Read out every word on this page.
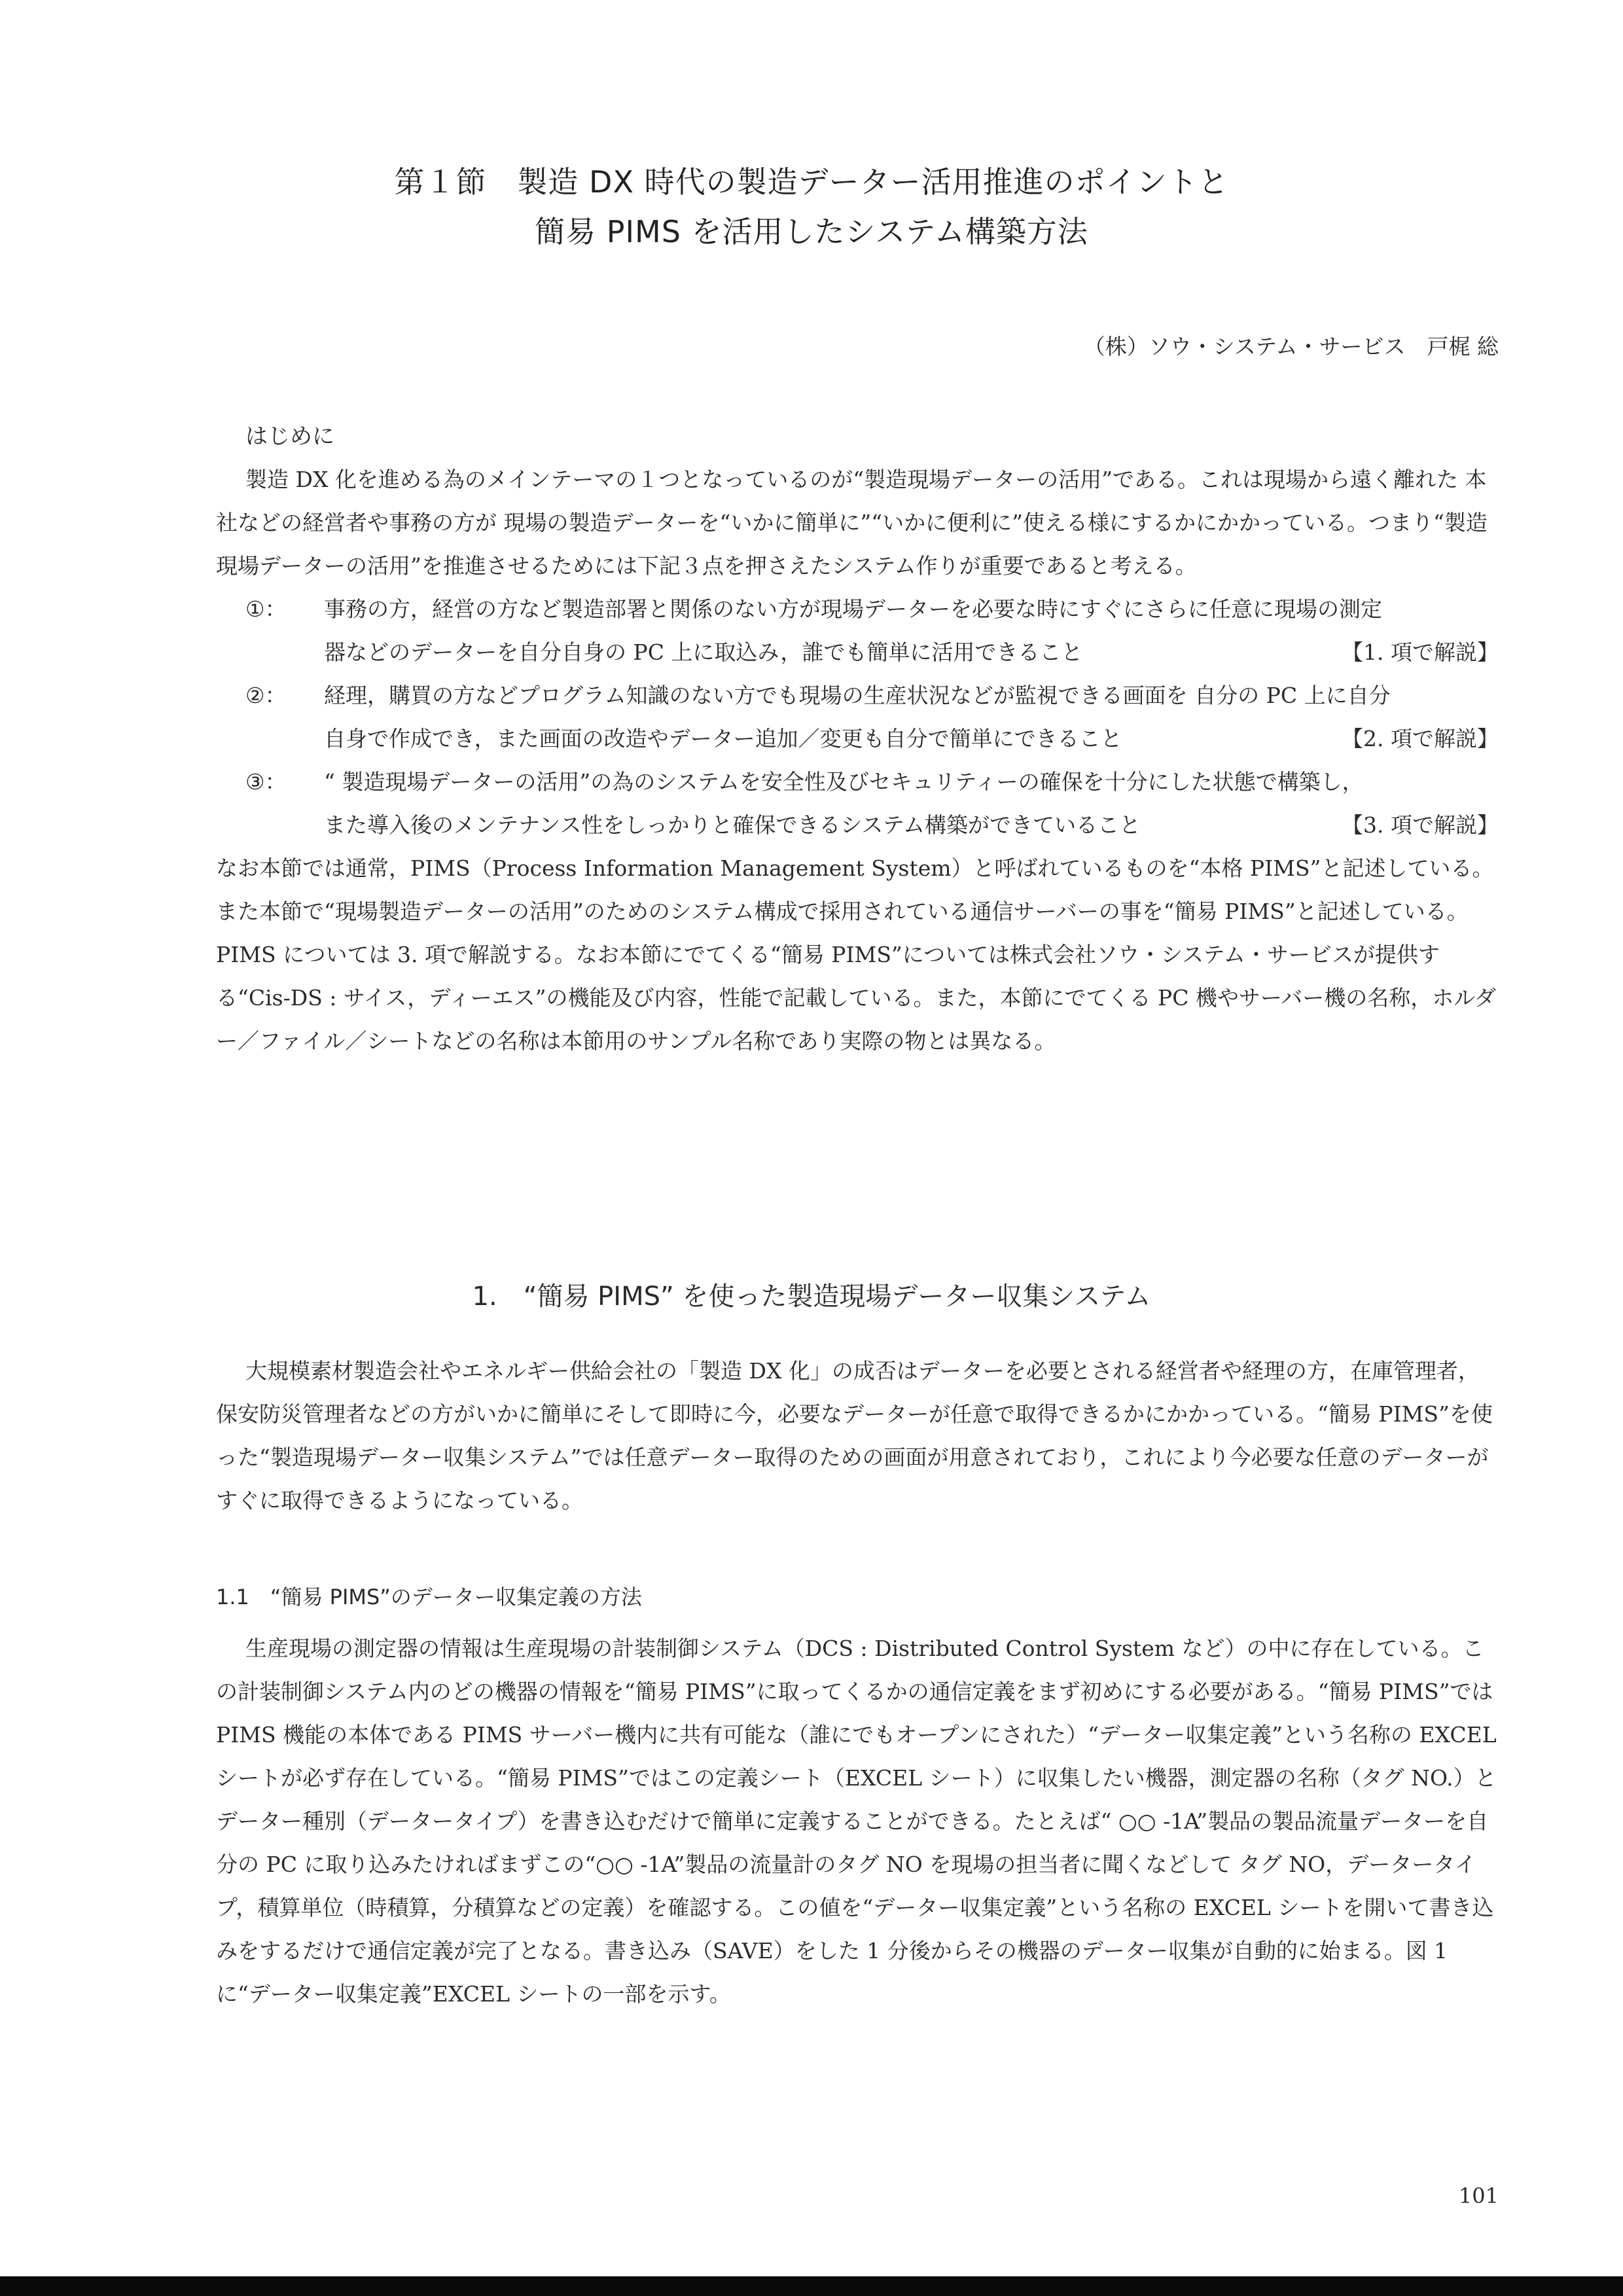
第１節　製造 DX 時代の製造データー活用推進のポイントと
簡易 PIMS を活用したシステム構築方法
（株）ソウ・システム・サービス　戸梶 総
はじめに

製造 DX 化を進める為のメインテーマの１つとなっているのが“製造現場データーの活用”である。これは現場から遠く離れた 本社などの経営者や事務の方が 現場の製造データーを“いかに簡単に”“いかに便利に”使える様にするかにかかっている。つまり“製造現場データーの活用”を推進させるためには下記３点を押さえたシステム作りが重要であると考える。

①： 事務の方，経営の方など製造部署と関係のない方が現場データーを必要な時にすぐにさらに任意に現場の測定
器などのデーターを自分自身の PC 上に取込み，誰でも簡単に活用できること	【1. 項で解説】
②： 経理，購買の方などプログラム知識のない方でも現場の生産状況などが監視できる画面を 自分の PC 上に自分
自身で作成でき，また画面の改造やデーター追加／変更も自分で簡単にできること	【2. 項で解説】
③： “ 製造現場データーの活用”の為のシステムを安全性及びセキュリティーの確保を十分にした状態で構築し，
また導入後のメンテナンス性をしっかりと確保できるシステム構築ができていること	【3. 項で解説】

なお本節では通常，PIMS（Process Information Management System）と呼ばれているものを“本格 PIMS”と記述している。 また本節で“現場製造データーの活用”のためのシステム構成で採用されている通信サーバーの事を“簡易 PIMS”と記述している。PIMS については 3. 項で解説する。なお本節にでてくる“簡易 PIMS”については株式会社ソウ・システム・サービスが提供する“Cis-DS : サイス，ディーエス”の機能及び内容，性能で記載している。また，本節にでてくる PC 機やサーバー機の名称，ホルダー／ファイル／シートなどの名称は本節用のサンプル名称であり実際の物とは異なる。

1.　“簡易 PIMS” を使った製造現場データー収集システム

大規模素材製造会社やエネルギー供給会社の「製造 DX 化」の成否はデーターを必要とされる経営者や経理の方，在庫管理者，保安防災管理者などの方がいかに簡単にそして即時に今，必要なデーターが任意で取得できるかにかかっている。“簡易 PIMS”を使った“製造現場データー収集システム”では任意データー取得のための画面が用意されており，これにより今必要な任意のデーターがすぐに取得できるようになっている。

1.1　“簡易 PIMS”のデーター収集定義の方法

生産現場の測定器の情報は生産現場の計装制御システム（DCS : Distributed Control System など）の中に存在している。この計装制御システム内のどの機器の情報を“簡易 PIMS”に取ってくるかの通信定義をまず初めにする必要がある。“簡易 PIMS”では PIMS 機能の本体である PIMS サーバー機内に共有可能な（誰にでもオープンにされた）“データー収集定義”という名称の EXCEL シートが必ず存在している。“簡易 PIMS”ではこの定義シート（EXCEL シート）に収集したい機器，測定器の名称（タグ NO.）とデーター種別（データータイプ）を書き込むだけで簡単に定義することができる。たとえば“ ○○ -1A”製品の製品流量データーを自分の PC に取り込みたければまずこの“○○ -1A”製品の流量計のタグ NO を現場の担当者に聞くなどして タグ NO，データータイプ，積算単位（時積算，分積算などの定義）を確認する。この値を“データー収集定義”という名称の EXCEL シートを開いて書き込みをするだけで通信定義が完了となる。書き込み（SAVE）をした 1 分後からその機器のデーター収集が自動的に始まる。図 1 に“データー収集定義”EXCEL シートの一部を示す。

101
